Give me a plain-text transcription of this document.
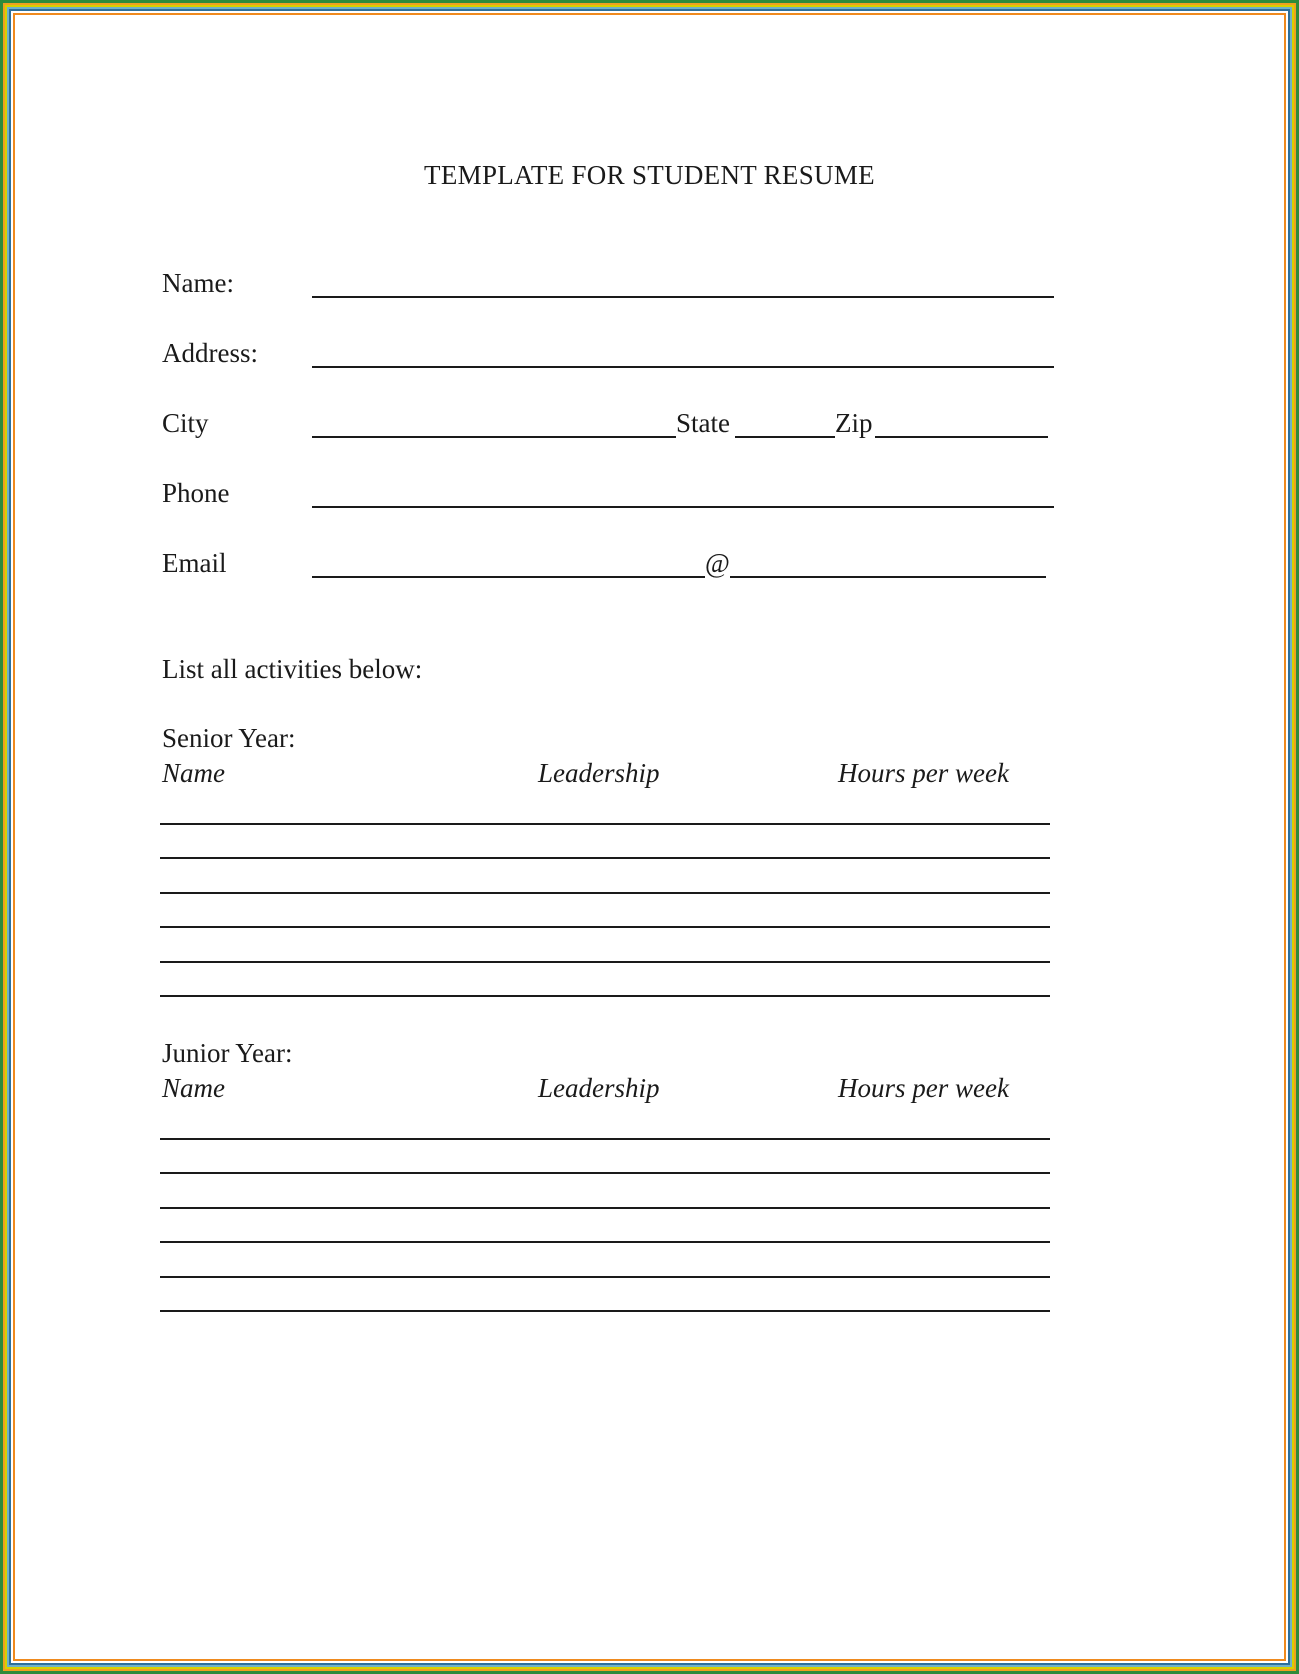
TEMPLATE FOR STUDENT RESUME
Name:
Address:
City	State	Zip
Phone
Email	@
List all activities below:
Senior Year:
Name	Leadership	Hours per week
Junior Year:
Name	Leadership	Hours per week
